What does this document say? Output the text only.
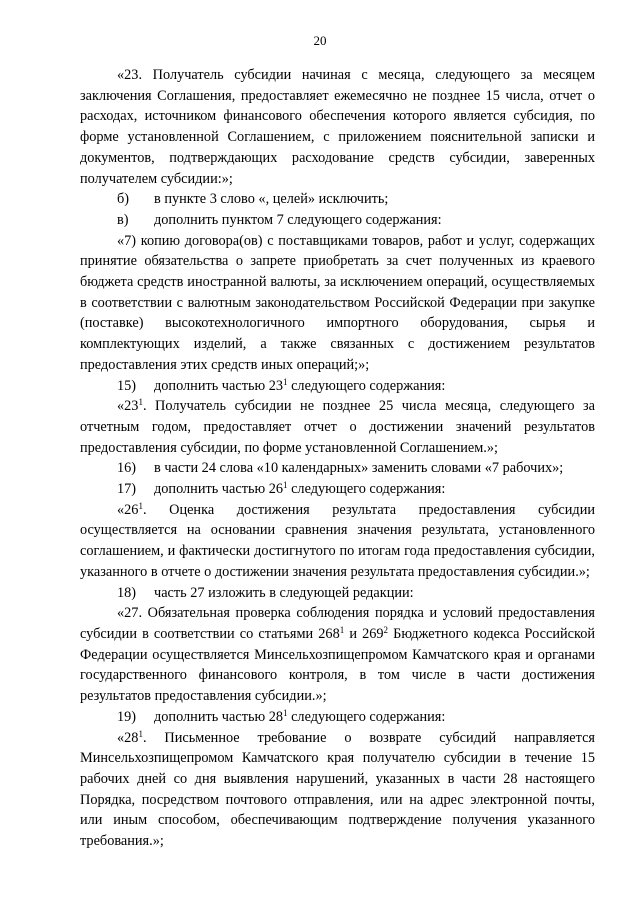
20

«23. Получатель субсидии начиная с месяца, следующего за месяцем заключения Соглашения, предоставляет ежемесячно не позднее 15 числа, отчет о расходах, источником финансового обеспечения которого является субсидия, по форме установленной Соглашением, с приложением пояснительной записки и документов, подтверждающих расходование средств субсидии, заверенных получателем субсидии:»;

б) в пункте 3 слово «, целей» исключить;

в) дополнить пунктом 7 следующего содержания:

«7) копию договора(ов) с поставщиками товаров, работ и услуг, содержащих принятие обязательства о запрете приобретать за счет полученных из краевого бюджета средств иностранной валюты, за исключением операций, осуществляемых в соответствии с валютным законодательством Российской Федерации при закупке (поставке) высокотехнологичного импортного оборудования, сырья и комплектующих изделий, а также связанных с достижением результатов предоставления этих средств иных операций;»;

15) дополнить частью $23^1$ следующего содержания:

«$23^1$. Получатель субсидии не позднее 25 числа месяца, следующего за отчетным годом, предоставляет отчет о достижении значений результатов предоставления субсидии, по форме установленной Соглашением.»;

16) в части 24 слова «10 календарных» заменить словами «7 рабочих»;

17) дополнить частью $26^1$ следующего содержания:

«$26^1$. Оценка достижения результата предоставления субсидии осуществляется на основании сравнения значения результата, установленного соглашением, и фактически достигнутого по итогам года предоставления субсидии, указанного в отчете о достижении значения результата предоставления субсидии.»;

18) часть 27 изложить в следующей редакции:

«27. Обязательная проверка соблюдения порядка и условий предоставления субсидии в соответствии со статьями $268^1$ и $269^2$ Бюджетного кодекса Российской Федерации осуществляется Минсельхозпищепромом Камчатского края и органами государственного финансового контроля, в том числе в части достижения результатов предоставления субсидии.»;

19) дополнить частью $28^1$ следующего содержания:

«$28^1$. Письменное требование о возврате субсидий направляется Минсельхозпищепромом Камчатского края получателю субсидии в течение 15 рабочих дней со дня выявления нарушений, указанных в части 28 настоящего Порядка, посредством почтового отправления, или на адрес электронной почты, или иным способом, обеспечивающим подтверждение получения указанного требования.»;
